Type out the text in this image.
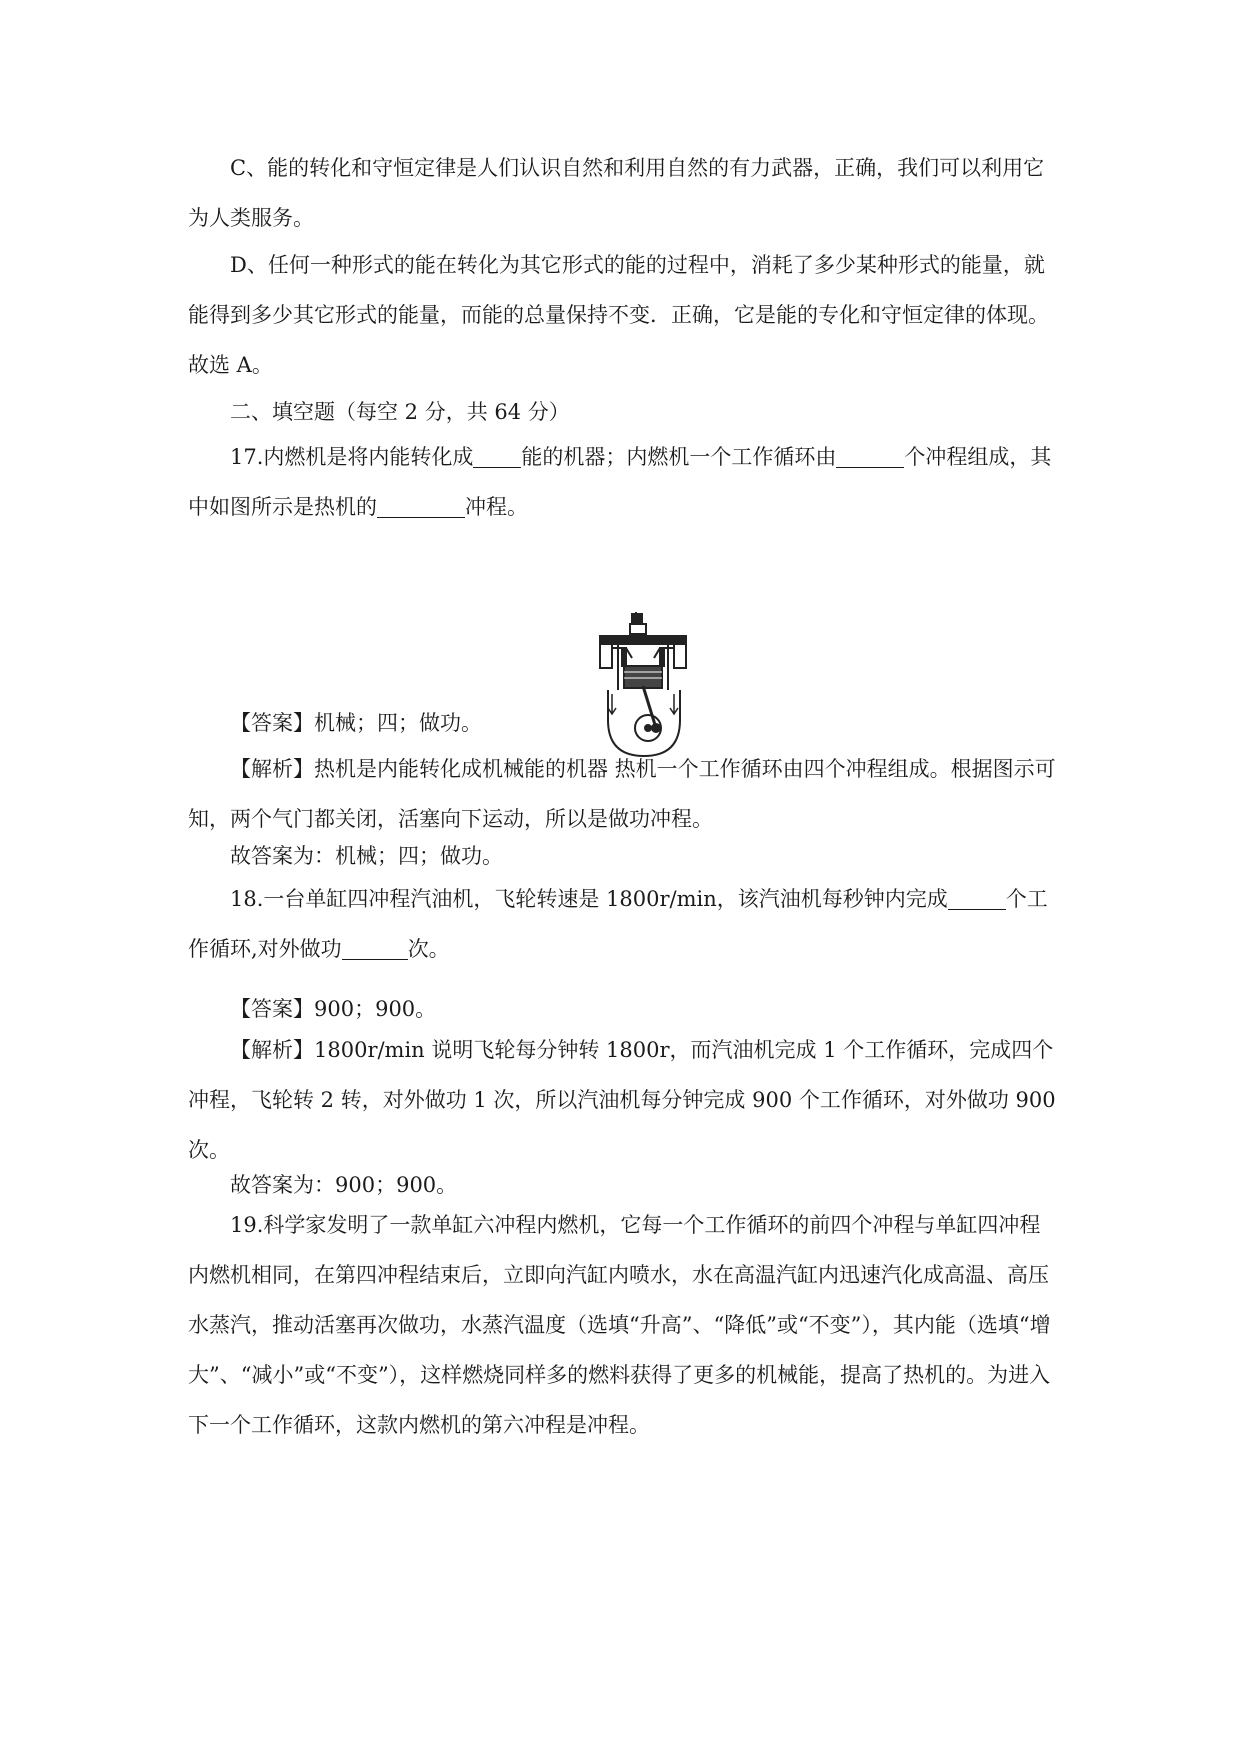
C、能的转化和守恒定律是人们认识自然和利用自然的有力武器，正确，我们可以利用它为人类服务。

D、任何一种形式的能在转化为其它形式的能的过程中，消耗了多少某种形式的能量，就能得到多少其它形式的能量，而能的总量保持不变．正确，它是能的专化和守恒定律的体现。故选 A。

二、填空题（每空 2 分，共 64 分）

17.内燃机是将内能转化成 能的机器；内燃机一个工作循环由	个冲程组成，其中如图所示是热机的	冲程。

【答案】机械；四；做功。

【解析】热机是内能转化成机械能的机器 热机一个工作循环由四个冲程组成。根据图示可知，两个气门都关闭，活塞向下运动，所以是做功冲程。

故答案为：机械；四；做功。

18.一台单缸四冲程汽油机，飞轮转速是 1800r/min，该汽油机每秒钟内完成	个工作循环,对外做功	次。

【答案】900；900。

【解析】1800r/min 说明飞轮每分钟转 1800r，而汽油机完成 1 个工作循环，完成四个冲程，飞轮转 2 转，对外做功 1 次，所以汽油机每分钟完成 900 个工作循环，对外做功 900 次。

故答案为：900；900。

19.科学家发明了一款单缸六冲程内燃机，它每一个工作循环的前四个冲程与单缸四冲程内燃机相同，在第四冲程结束后，立即向汽缸内喷水，水在高温汽缸内迅速汽化成高温、高压水蒸汽，推动活塞再次做功，水蒸汽温度（选填“升高”、“降低”或“不变”），其内能（选填“增大”、“减小”或“不变”），这样燃烧同样多的燃料获得了更多的机械能，提高了热机的。为进入下一个工作循环，这款内燃机的第六冲程是冲程。
